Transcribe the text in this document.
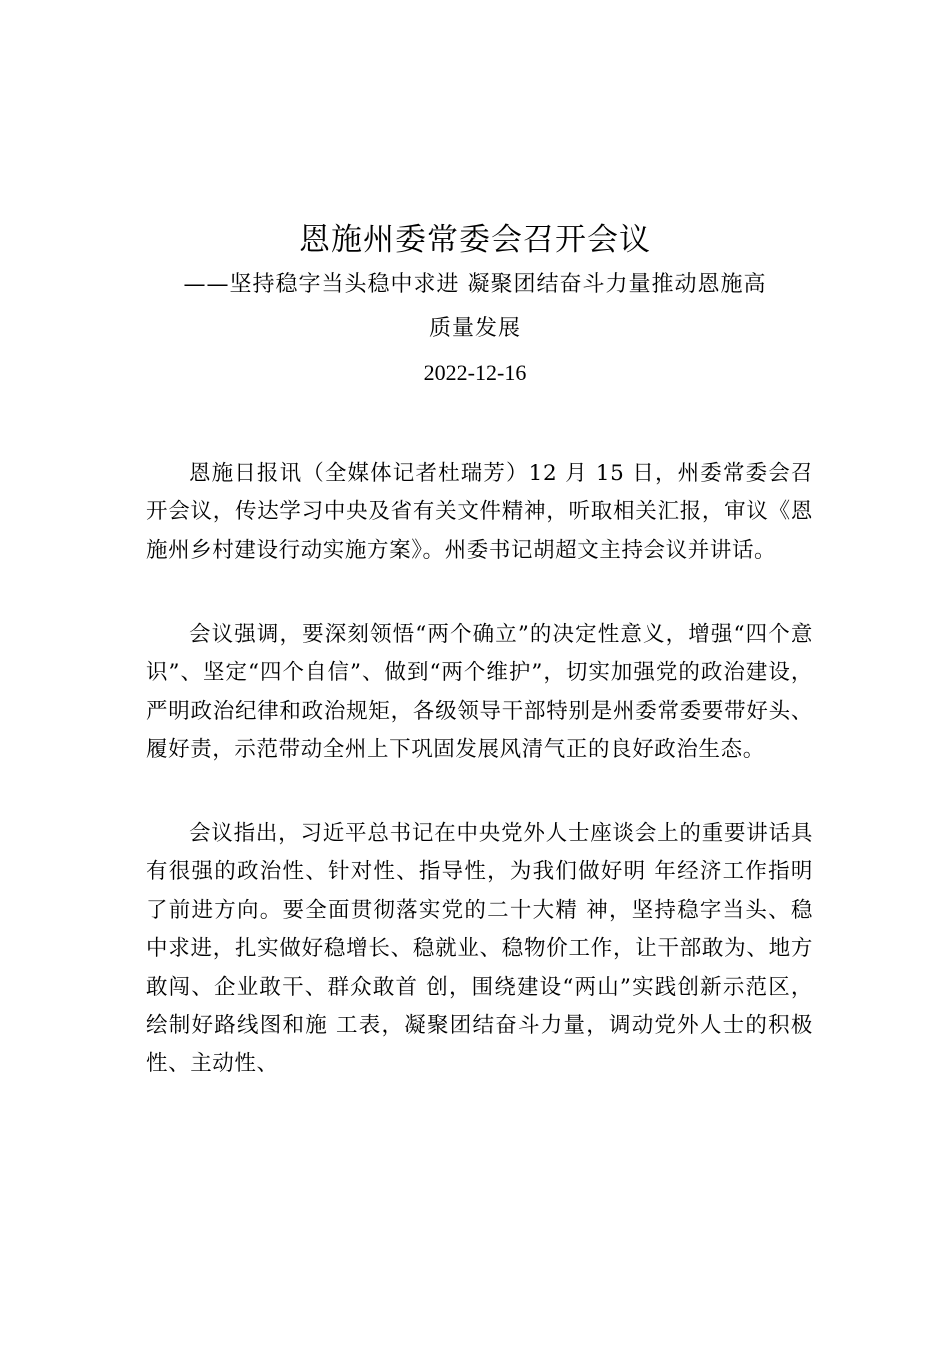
恩施州委常委会召开会议
——坚持稳字当头稳中求进 凝聚团结奋斗力量推动恩施高
质量发展
2022-12-16

恩施日报讯（全媒体记者杜瑞芳）12 月 15 日，州委常委会召开会议，传达学习中央及省有关文件精神，听取相关汇报，审议《恩施州乡村建设行动实施方案》。州委书记胡超文主持会议并讲话。

会议强调，要深刻领悟“两个确立”的决定性意义，增强“四个意识”、坚定“四个自信”、做到“两个维护”，切实加强党的政治建设，严明政治纪律和政治规矩，各级领导干部特别是州委常委要带好头、履好责，示范带动全州上下巩固发展风清气正的良好政治生态。

会议指出，习近平总书记在中央党外人士座谈会上的重要讲话具有很强的政治性、针对性、指导性，为我们做好明 年经济工作指明了前进方向。要全面贯彻落实党的二十大精 神，坚持稳字当头、稳中求进，扎实做好稳增长、稳就业、稳物价工作，让干部敢为、地方敢闯、企业敢干、群众敢首 创，围绕建设“两山”实践创新示范区，绘制好路线图和施 工表，凝聚团结奋斗力量，调动党外人士的积极性、主动性、
